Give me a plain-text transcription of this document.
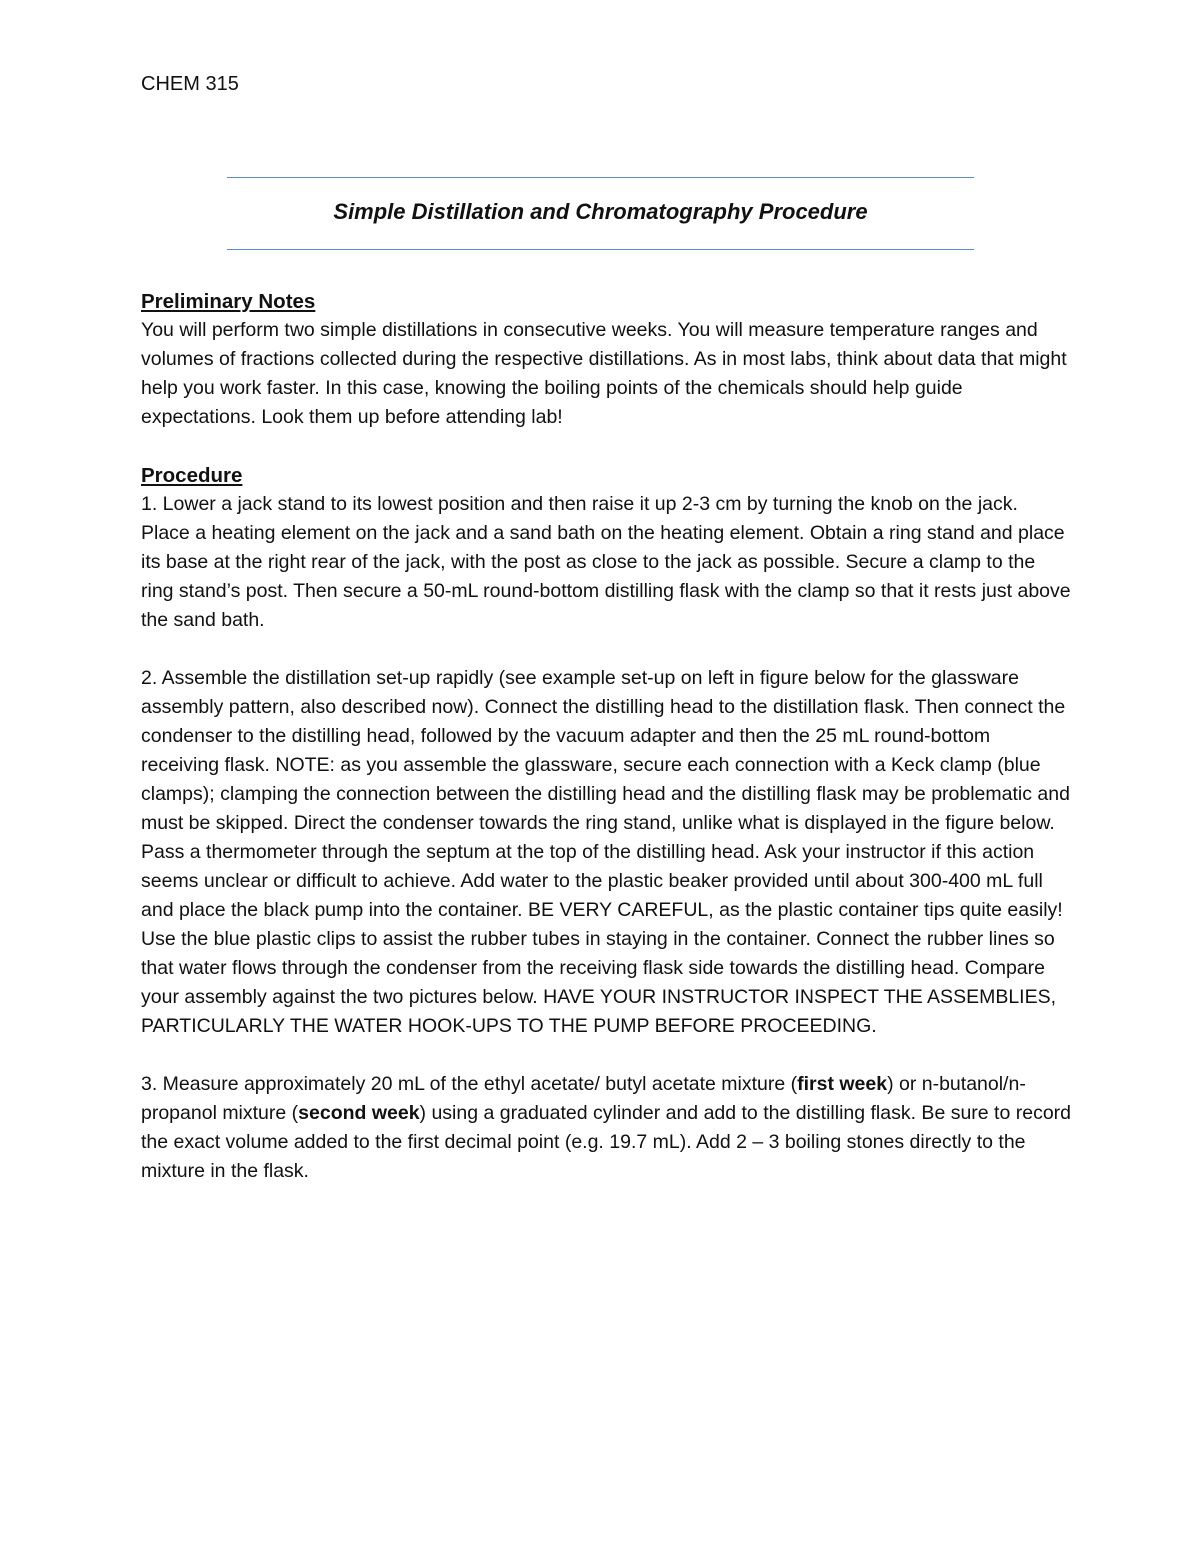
CHEM 315
Simple Distillation and Chromatography Procedure
Preliminary Notes

You will perform two simple distillations in consecutive weeks. You will measure temperature ranges and volumes of fractions collected during the respective distillations. As in most labs, think about data that might help you work faster. In this case, knowing the boiling points of the chemicals should help guide expectations. Look them up before attending lab!

Procedure

1. Lower a jack stand to its lowest position and then raise it up 2-3 cm by turning the knob on the jack. Place a heating element on the jack and a sand bath on the heating element. Obtain a ring stand and place its base at the right rear of the jack, with the post as close to the jack as possible. Secure a clamp to the ring stand’s post. Then secure a 50-mL round-bottom distilling flask with the clamp so that it rests just above the sand bath.

2. Assemble the distillation set-up rapidly (see example set-up on left in figure below for the glassware assembly pattern, also described now). Connect the distilling head to the distillation flask. Then connect the condenser to the distilling head, followed by the vacuum adapter and then the 25 mL round-bottom receiving flask. NOTE: as you assemble the glassware, secure each connection with a Keck clamp (blue clamps); clamping the connection between the distilling head and the distilling flask may be problematic and must be skipped. Direct the condenser towards the ring stand, unlike what is displayed in the figure below. Pass a thermometer through the septum at the top of the distilling head. Ask your instructor if this action seems unclear or difficult to achieve. Add water to the plastic beaker provided until about 300-400 mL full and place the black pump into the container. BE VERY CAREFUL, as the plastic container tips quite easily! Use the blue plastic clips to assist the rubber tubes in staying in the container. Connect the rubber lines so that water flows through the condenser from the receiving flask side towards the distilling head. Compare your assembly against the two pictures below. HAVE YOUR INSTRUCTOR INSPECT THE ASSEMBLIES, PARTICULARLY THE WATER HOOK-UPS TO THE PUMP BEFORE PROCEEDING.

3. Measure approximately 20 mL of the ethyl acetate/ butyl acetate mixture (first week) or n-butanol/n-propanol mixture (second week) using a graduated cylinder and add to the distilling flask. Be sure to record the exact volume added to the first decimal point (e.g. 19.7 mL). Add 2 – 3 boiling stones directly to the mixture in the flask.
